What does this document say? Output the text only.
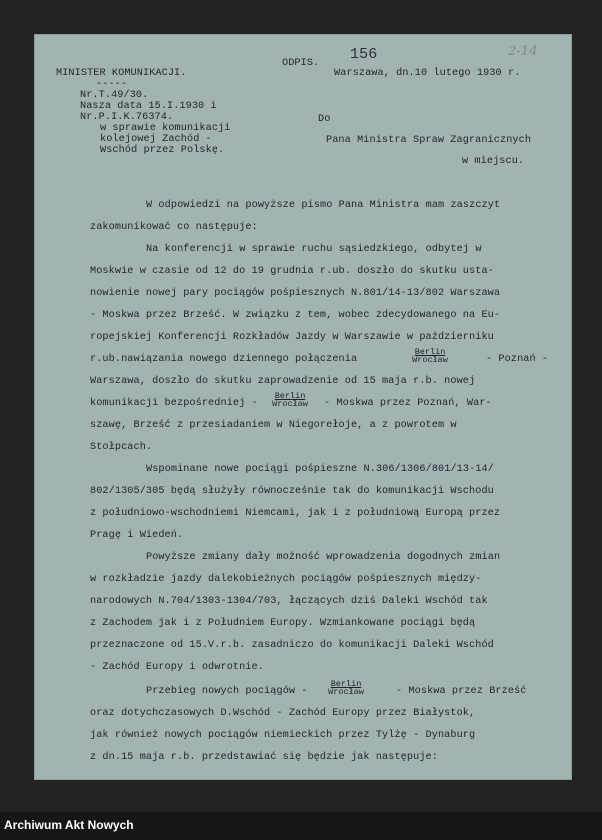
156	2-14
MINISTER KOMUNIKACJI.
-----
Nr.T.49/30.
Nasza data 15.I.1930 i
Nr.P.I.K.76374.
w sprawie komunikacji
kolejowej Zachód -
Wschód przez Polskę.
ODPIS.
Warszawa, dn.10 lutego 1930 r.
Do
Pana Ministra Spraw Zagranicznych
w miejscu.
W odpowiedzi na powyższe pismo Pana Ministra mam zaszczyt
zakomunikować co następuje:
Na konferencji w sprawie ruchu sąsiedzkiego, odbytej w
Moskwie w czasie od 12 do 19 grudnia r.ub. doszło do skutku usta-
nowienie nowej pary pociągów pośpiesznych N.801/14-13/802 Warszawa
- Moskwa przez Brześć. W związku z tem, wobec zdecydowanego na Eu-
ropejskiej Konferencji Rozkładów Jazdy w Warszawie w październiku
r.ub.nawiązania nowego dziennego połączenia
Berlin
Wrocław	- Poznań -
Warszawa, doszło do skutku zaprowadzenie od 15 maja r.b. nowej
komunikacji bezpośredniej -
Berlin
Wrocław	- Moskwa przez Poznań, War-
szawę, Brześć z przesiadaniem w Niegorełoje, a z powrotem w
Stołpcach.
Wspominane nowe pociągi pośpieszne N.306/1306/801/13-14/
802/1305/305 będą służyły równocześnie tak do komunikacji Wschodu
z południowo-wschodniemi Niemcami, jak i z południową Europą przez
Pragę i Wiedeń.
Powyższe zmiany dały możność wprowadzenia dogodnych zmian
w rozkładzie jazdy dalekobieżnych pociągów pośpiesznych między-
narodowych N.704/1303-1304/703, łączących dziś Daleki Wschód tak
z Zachodem jak i z Południem Europy. Wzmiankowane pociągi będą
przeznaczone od 15.V.r.b. zasadniczo do komunikacji Daleki Wschód
- Zachód Europy i odwrotnie.
Przebieg nowych pociągów -
Berlin
Wrocław	- Moskwa przez Brześć
oraz dotychczasowych D.Wschód - Zachód Europy przez Białystok,
jak również nowych pociągów niemieckich przez Tylżę - Dynaburg
z dn.15 maja r.b. przedstawiać się będzie jak następuje:
Archiwum Akt Nowych
